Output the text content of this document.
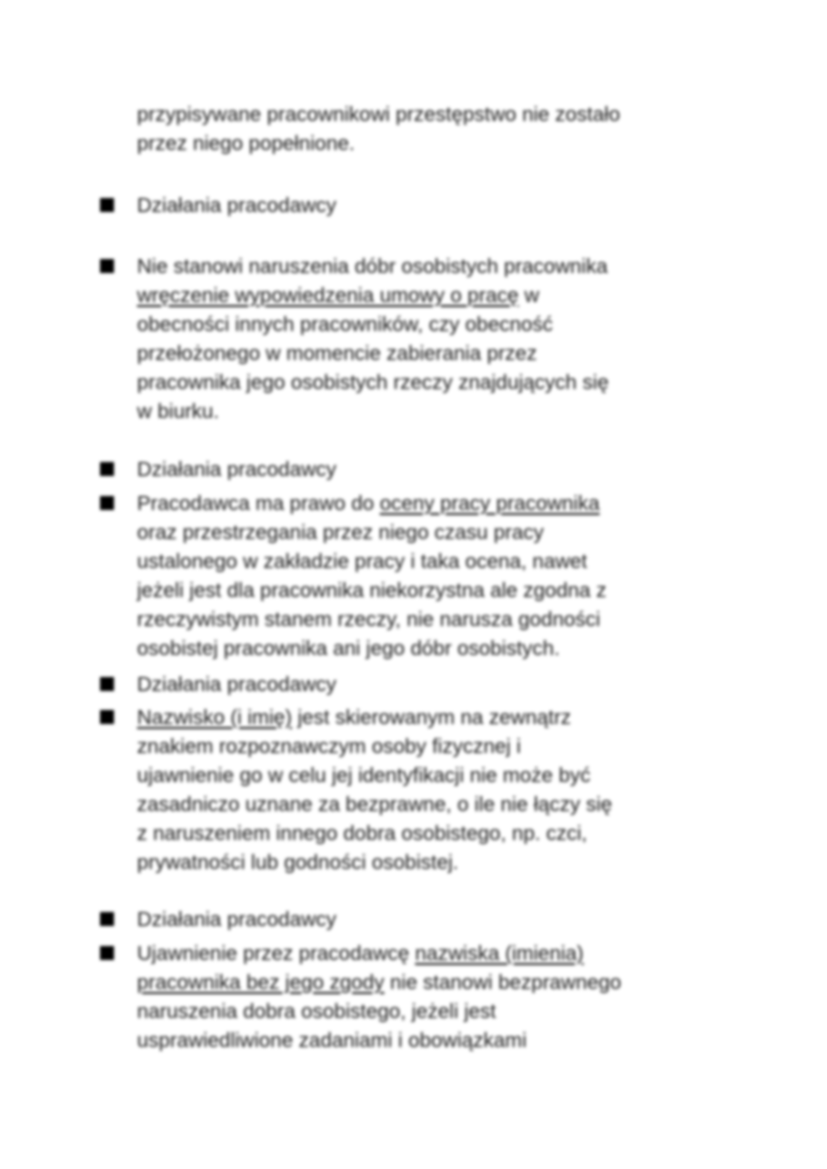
przypisywane pracownikowi przestępstwo nie zostało
przez niego popełnione.
Działania pracodawcy
Nie stanowi naruszenia dóbr osobistych pracownika
wręczenie wypowiedzenia umowy o pracę w
obecności innych pracowników, czy obecność
przełożonego w momencie zabierania przez
pracownika jego osobistych rzeczy znajdujących się
w biurku.
Działania pracodawcy
Pracodawca ma prawo do oceny pracy pracownika
oraz przestrzegania przez niego czasu pracy
ustalonego w zakładzie pracy i taka ocena, nawet
jeżeli jest dla pracownika niekorzystna ale zgodna z
rzeczywistym stanem rzeczy, nie narusza godności
osobistej pracownika ani jego dóbr osobistych.
Działania pracodawcy
Nazwisko (i imię) jest skierowanym na zewnątrz
znakiem rozpoznawczym osoby fizycznej i
ujawnienie go w celu jej identyfikacji nie może być
zasadniczo uznane za bezprawne, o ile nie łączy się
z naruszeniem innego dobra osobistego, np. czci,
prywatności lub godności osobistej.
Działania pracodawcy
Ujawnienie przez pracodawcę nazwiska (imienia)
pracownika bez jego zgody nie stanowi bezprawnego
naruszenia dobra osobistego, jeżeli jest
usprawiedliwione zadaniami i obowiązkami
